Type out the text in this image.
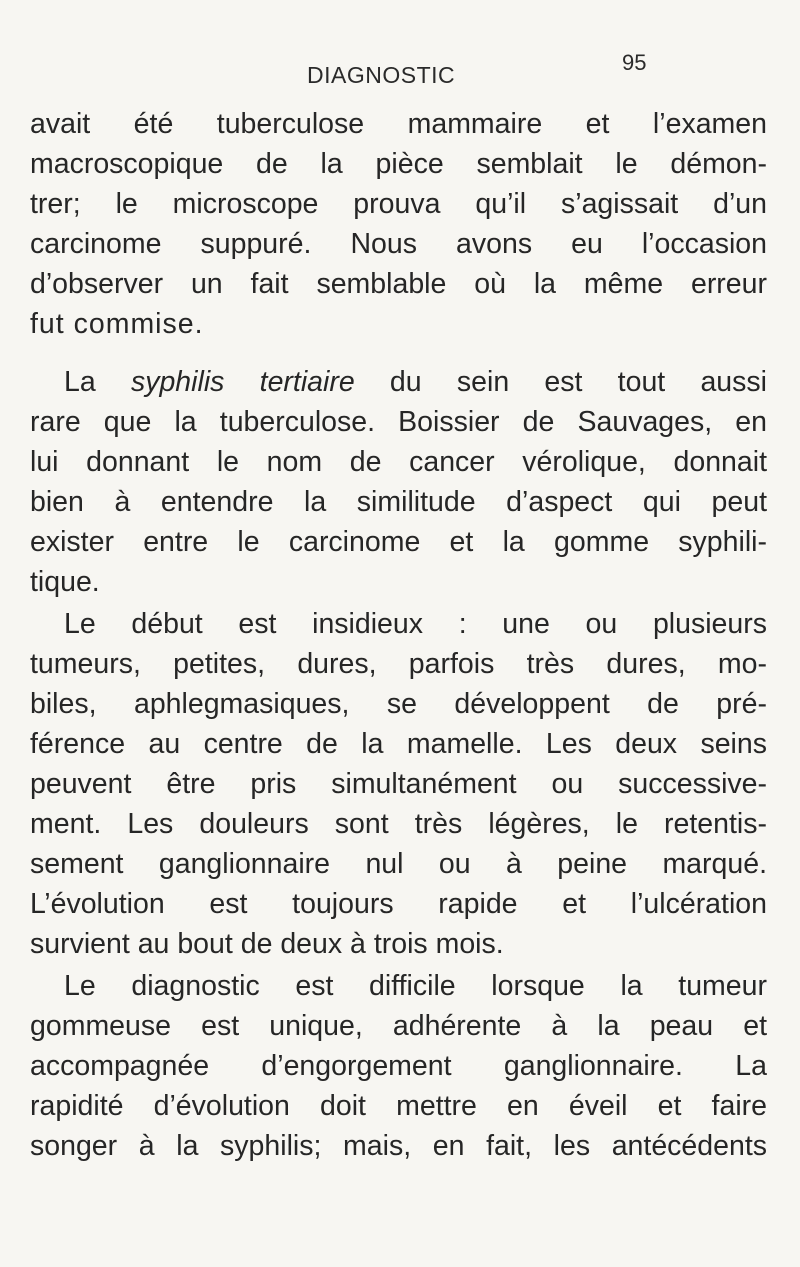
DIAGNOSTIC	95
avait été tuberculose mammaire et l’examen
macroscopique de la pièce semblait le démon-
trer; le microscope prouva qu’il s’agissait d’un
carcinome suppuré. Nous avons eu l’occasion
d’observer un fait semblable où la même erreur
fut commise.
La syphilis tertiaire du sein est tout aussi
rare que la tuberculose. Boissier de Sauvages, en
lui donnant le nom de cancer vérolique, donnait
bien à entendre la similitude d’aspect qui peut
exister entre le carcinome et la gomme syphili-
tique.
Le début est insidieux : une ou plusieurs
tumeurs, petites, dures, parfois très dures, mo-
biles, aphlegmasiques, se développent de pré-
férence au centre de la mamelle. Les deux seins
peuvent être pris simultanément ou successive-
ment. Les douleurs sont très légères, le retentis-
sement ganglionnaire nul ou à peine marqué.
L’évolution est toujours rapide et l’ulcération
survient au bout de deux à trois mois.
Le diagnostic est difficile lorsque la tumeur
gommeuse est unique, adhérente à la peau et
accompagnée d’engorgement ganglionnaire. La
rapidité d’évolution doit mettre en éveil et faire
songer à la syphilis; mais, en fait, les antécédents
